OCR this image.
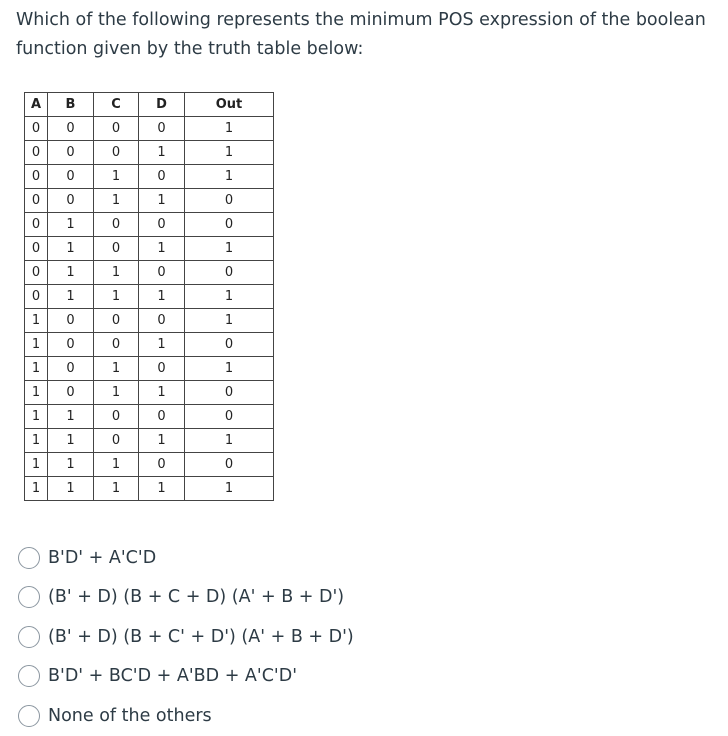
Which of the following represents the minimum POS expression of the boolean function given by the truth table below:

A	B	C	D	Out
0	0	0	0	1
0	0	0	1	1
0	0	1	0	1
0	0	1	1	0
0	1	0	0	0
0	1	0	1	1
0	1	1	0	0
0	1	1	1	1
1	0	0	0	1
1	0	0	1	0
1	0	1	0	1
1	0	1	1	0
1	1	0	0	0
1	1	0	1	1
1	1	1	0	0
1	1	1	1	1
B'D' + A'C'D
(B' + D) (B + C + D) (A' + B + D')
(B' + D) (B + C' + D') (A' + B + D')
B'D' + BC'D + A'BD + A'C'D'
None of the others
